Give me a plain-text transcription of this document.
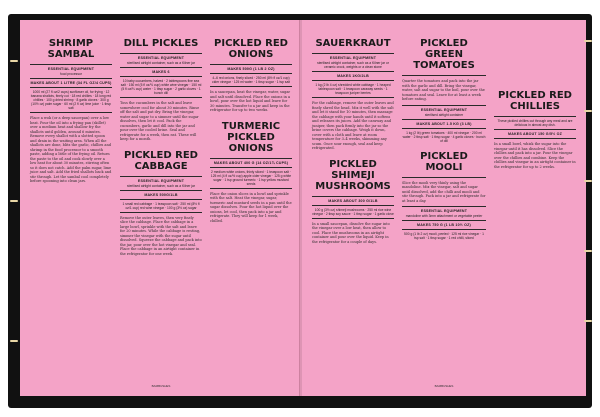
SHRIMP SAMBAL
ESSENTIAL EQUIPMENT
food processor
MAKES ABOUT 1 LITRE (34 FL OZ/4 CUPS)
1000 ml (27 fl oz/2 cups) sunflower oil, for frying · 12 banana shallots, finely cut · 18 red chillies · 18 long red chillies · 100 g dried shrimp · 8 garlic cloves · 300 g (10½ oz) palm sugar · 60 ml (2 fl oz) lime juice · 1 tbsp salt
Place a wok (or a deep saucepan) over a low heat. Pour the oil into a frying pan (skillet) over a medium heat and shallow fry the shallots until golden, around 6 minutes. Remove every shallot with a slotted spoon and drain in the waiting area. When all the shallots are done, blitz the garlic, chillies and shrimp in the food processor to a smooth paste, adding a little of the frying oil. Return the paste to the oil and cook slowly over a low heat for about 30 minutes, stirring often so it does not catch. Add the palm sugar, lime juice and salt. Add the fried shallots back and stir through. Let the sambal cool completely before spooning into clean jars.
DILL PICKLES
ESSENTIAL EQUIPMENT
sterilised airtight container, such as a Kilner jar
MAKES 6
10 baby cucumbers, halved · 2 tablespoons fine sea salt · 150 ml (5 fl oz/⅔ cup) white wine vinegar · 150 ml (5 fl oz/⅔ cup) water · 1 tbsp sugar · 2 garlic cloves · 1 bunch dill
Toss the cucumbers in the salt and leave somewhere cool for about 30 minutes. Rinse off the salt and pat dry. Bring the vinegar, water and sugar to a simmer until the sugar dissolves, then let it cool. Pack the cucumbers, garlic and dill into the jar and pour over the cooled brine. Seal and refrigerate for a week, then eat. These will keep for a month.
PICKLED RED CABBAGE
ESSENTIAL EQUIPMENT
sterilised airtight container, such as a Kilner jar
MAKES 500G/1LB
1 small red cabbage · 1 teaspoon salt · 250 ml (8½ fl oz/1 cup) red wine vinegar · 100 g (3½ oz) sugar
Remove the outer leaves, then very finely slice the cabbage. Place the cabbage in a large bowl, sprinkle with the salt and leave for 20 minutes. While the cabbage is resting, simmer the vinegar with the sugar until dissolved. Squeeze the cabbage and pack into the jar, pour over the hot vinegar and seal. Place the cabbage in an airtight container in the refrigerator for one week.
PICKLED RED ONIONS
MAKES 500G (1 LB 2 OZ)
4–6 red onions, finely sliced · 250 ml (8½ fl oz/1 cup) cider vinegar · 125 ml water · 1 tbsp sugar · 1 tsp salt
In a saucepan, heat the vinegar, water, sugar and salt until dissolved. Place the onions in a bowl, pour over the hot liquid and leave for 30 minutes. Transfer to a jar and keep in the refrigerator for up to two weeks.
TURMERIC PICKLED ONIONS
MAKES ABOUT 400 G (14 OZ/1¾ CUPS)
2 medium white onions, thinly sliced · 1 teaspoon salt · 125 ml (4 fl oz/½ cup) apple cider vinegar · 125 g white sugar · 1 tsp ground turmeric · 1 tsp yellow mustard seeds
Place the onion slices in a bowl and sprinkle with the salt. Heat the vinegar, sugar, turmeric and mustard seeds in a pan until the sugar dissolves. Pour the hot liquid over the onions, let cool, then pack into a jar and refrigerate. They will keep for 1 week, chilled.
BAMBUSHES
SAUERKRAUT
ESSENTIAL EQUIPMENT
sterilised airtight container, such as a Kilner jar or ceramic crock, weights or a clean stone
MAKES 1KG/2LB
1 kg (2 lb 4 oz) shredded white cabbage · 1 heaped tablespoon salt · 1 teaspoon caraway seeds · 1 teaspoon juniper berries
For the cabbage, remove the outer leaves and finely shred the head. Mix it well with the salt and let it stand for 10 minutes, then massage the cabbage with your hands until it softens and releases its juices. Add the caraway and juniper, then pack firmly into the jar so the brine covers the cabbage. Weigh it down, cover with a cloth and leave at room temperature for 3–4 weeks, skimming any scum. Once sour enough, seal and keep refrigerated.
PICKLED SHIMEJI MUSHROOMS
MAKES ABOUT 300 G/1LB
100 g (3½ oz) shimeji mushrooms · 250 ml rice wine vinegar · 2 tbsp soy sauce · 1 tbsp sugar · 1 garlic clove
In a small saucepan, dissolve the sugar into the vinegar over a low heat, then allow to cool. Place the mushrooms in an airtight container and pour over the liquid. Keep in the refrigerator for a couple of days.
PICKLED GREEN TOMATOES
Quarter the tomatoes and pack into the jar with the garlic and dill. Bring the vinegar, water, salt and sugar to the boil, pour over the tomatoes and seal. Leave for at least a week before eating.
ESSENTIAL EQUIPMENT
sterilised airtight container
MAKES ABOUT 1.5 KG (3 LB)
1 kg (2 lb) green tomatoes · 400 ml vinegar · 200 ml water · 2 tbsp salt · 1 tbsp sugar · 4 garlic cloves · bunch of dill
PICKLED MOOLI
Slice the mooli very thinly using the mandoline. Mix the vinegar, salt and sugar until dissolved, add the chilli and mooli and stir through. Pack into a jar and refrigerate for at least a day.
ESSENTIAL EQUIPMENT
mandoline with 3mm attachment or vegetable peeler
MAKES 750 G (1 LB 10½ OZ)
500 g (1 lb 2 oz) mooli, peeled · 125 ml rice vinegar · 1 tsp salt · 1 tbsp sugar · 1 red chilli, sliced
PICKLED RED CHILLIES
These pickled chillies cut through any meal and are delicious in almost any dish.
MAKES ABOUT 150 G/5½ OZ
In a small bowl, whisk the sugar into the vinegar until it has dissolved. Slice the chillies and pack into a jar. Pour the vinegar over the chillies and combine. Keep the chillies and vinegar in an airtight container in the refrigerator for up to 2 weeks.
BAMBUSHES
